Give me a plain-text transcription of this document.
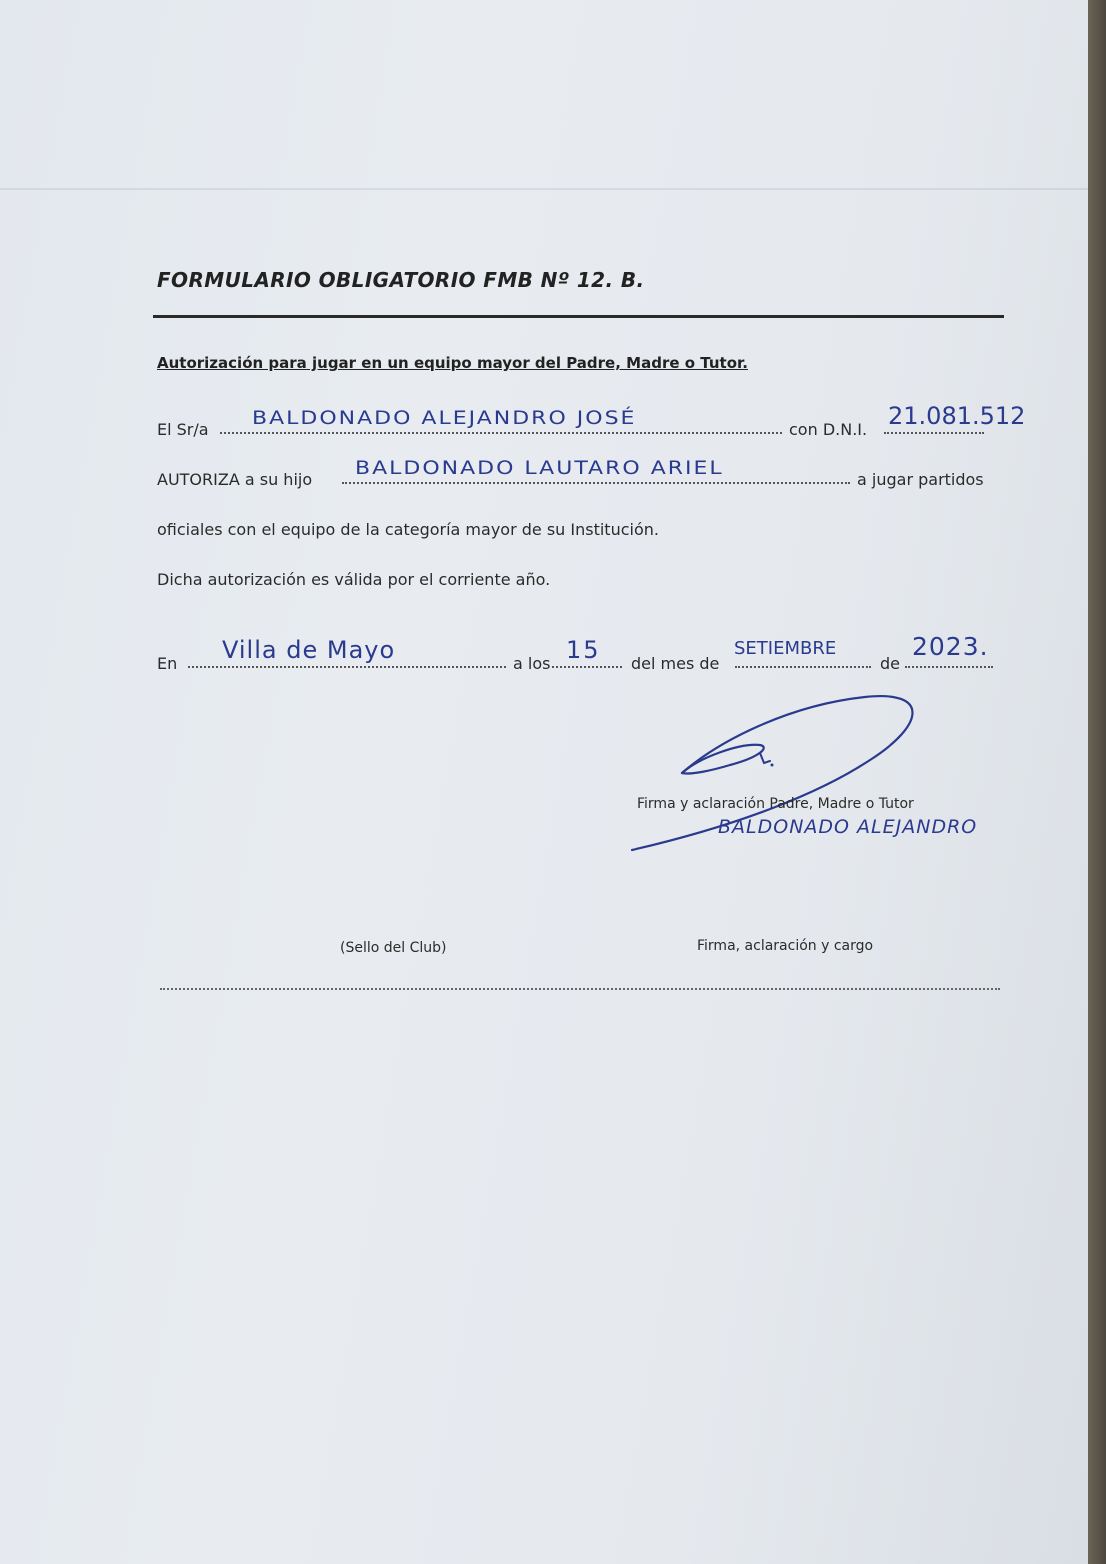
FORMULARIO OBLIGATORIO FMB Nº 12. B.
Autorización para jugar en un equipo mayor del Padre, Madre o Tutor.
El Sr/a
BALDONADO ALEJANDRO JOSÉ
con D.N.I. 21.081.512
AUTORIZA a su hijo
BALDONADO LAUTARO ARIEL
a jugar partidos
oficiales con el equipo de la categoría mayor de su Institución.
Dicha autorización es válida por el corriente año.
En Villa de Mayo	a los 15 del mes de
SETIEMBRE
de
2023.
Firma y aclaración Padre, Madre o Tutor
BALDONADO ALEJANDRO
(Sello del Club)	Firma, aclaración y cargo
